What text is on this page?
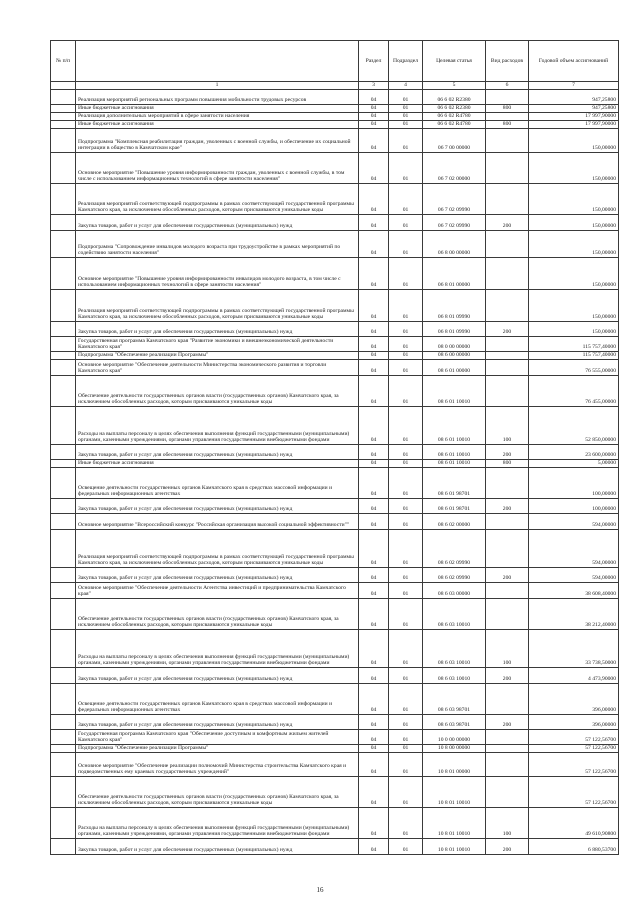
№ п/п		Раздел	Подраздел	Целевая статья	Вид расходов	Годовой объем ассигнований
	1	3	4	5	6	7
	Реализация мероприятий региональных программ повышения мобильности трудовых ресурсов	04	01	06 6 02 R2380		947,25800
	Иные бюджетные ассигнования	04	01	06 6 02 R2380	800	947,25800
	Реализация дополнительных мероприятий в сфере занятости населения	04	01	06 6 02 R4780		17 997,90000
	Иные бюджетные ассигнования	04	01	06 6 02 R4780	800	17 997,90000
	Подпрограмма "Комплексная реабилитация граждан, уволенных с военной службы, и обеспечение их социальной интеграции в общество в Камчатском крае"	04	01	06 7 00 00000		150,00000
	Основное мероприятие "Повышение уровня информированности граждан, уволенных с военной службы, в том числе с использованием информационных технологий в сфере занятости населения"	04	01	06 7 02 00000		150,00000
	Реализация мероприятий соответствующей подпрограммы в рамках соответствующей государственной программы Камчатского края, за исключением обособленных расходов, которым присваиваются уникальные коды	04	01	06 7 02 09990		150,00000
	Закупка товаров, работ и услуг для обеспечения государственных (муниципальных) нужд	04	01	06 7 02 09990	200	150,00000
	Подпрограмма "Сопровождение инвалидов молодого возраста при трудоустройстве в рамках мероприятий по содействию занятости населения"	04	01	06 8 00 00000		150,00000
	Основное мероприятие "Повышение уровня информированности инвалидов молодого возраста, в том числе с использованием информационных технологий в сфере занятости населения"	04	01	06 8 01 00000		150,00000
	Реализация мероприятий соответствующей подпрограммы в рамках соответствующей государственной программы Камчатского края, за исключением обособленных расходов, которым присваиваются уникальные коды	04	01	06 8 01 09990		150,00000
	Закупка товаров, работ и услуг для обеспечения государственных (муниципальных) нужд	04	01	06 8 01 09990	200	150,00000
	Государственная программа Камчатского края "Развитие экономики и внешнеэкономической деятельности Камчатского края"	04	01	08 0 00 00000		115 757,40000
	Подпрограмма "Обеспечение реализации Программы"	04	01	08 6 00 00000		115 757,40000
	Основное мероприятие "Обеспечение деятельности Министерства экономического развития и торговли Камчатского края"	04	01	08 6 01 00000		76 555,00000
	Обеспечение деятельности государственных органов власти (государственных органов) Камчатского края, за исключением обособленных расходов, которым присваиваются уникальные коды	04	01	08 6 01 10010		76 455,00000
	Расходы на выплаты персоналу в целях обеспечения выполнения функций государственными (муниципальными) органами, казенными учреждениями, органами управления государственными внебюджетными фондами	04	01	08 6 01 10010	100	52 850,00000
	Закупка товаров, работ и услуг для обеспечения государственных (муниципальных) нужд	04	01	08 6 01 10010	200	23 600,00000
	Иные бюджетные ассигнования	04	01	08 6 01 10010	800	5,00000
	Освещение деятельности государственных органов Камчатского края в средствах массовой информации и федеральных информационных агентствах	04	01	08 6 01 98701		100,00000
	Закупка товаров, работ и услуг для обеспечения государственных (муниципальных) нужд	04	01	08 6 01 98701	200	100,00000
	Основное мероприятие "Всероссийский конкурс "Российская организация высокой социальной эффективности""	04	01	08 6 02 00000		594,00000
	Реализация мероприятий соответствующей подпрограммы в рамках соответствующей государственной программы Камчатского края, за исключением обособленных расходов, которым присваиваются уникальные коды	04	01	08 6 02 09990		594,00000
	Закупка товаров, работ и услуг для обеспечения государственных (муниципальных) нужд	04	01	08 6 02 09990	200	594,00000
	Основное мероприятие "Обеспечение деятельности Агентства инвестиций и предпринимательства Камчатского края"	04	01	08 6 03 00000		38 608,40000
	Обеспечение деятельности государственных органов власти (государственных органов) Камчатского края, за исключением обособленных расходов, которым присваиваются уникальные коды	04	01	08 6 03 10010		38 212,40000
	Расходы на выплаты персоналу в целях обеспечения выполнения функций государственными (муниципальными) органами, казенными учреждениями, органами управления государственными внебюджетными фондами	04	01	08 6 03 10010	100	33 738,50000
	Закупка товаров, работ и услуг для обеспечения государственных (муниципальных) нужд	04	01	08 6 03 10010	200	4 473,90000
	Освещение деятельности государственных органов Камчатского края в средствах массовой информации и федеральных информационных агентствах	04	01	08 6 03 98701		396,00000
	Закупка товаров, работ и услуг для обеспечения государственных (муниципальных) нужд	04	01	08 6 03 98701	200	396,00000
	Государственная программа Камчатского края "Обеспечение доступным и комфортным жильем жителей Камчатского края"	04	01	10 0 00 00000		57 122,56700
	Подпрограмма "Обеспечение реализации Программы"	04	01	10 8 00 00000		57 122,56700
	Основное мероприятие "Обеспечение реализации полномочий Министерства строительства Камчатского края и подведомственных ему краевых государственных учреждений"	04	01	10 8 01 00000		57 122,56700
	Обеспечение деятельности государственных органов власти (государственных органов) Камчатского края, за исключением обособленных расходов, которым присваиваются уникальные коды	04	01	10 8 01 10010		57 122,56700
	Расходы на выплаты персоналу в целях обеспечения выполнения функций государственными (муниципальными) органами, казенными учреждениями, органами управления государственными внебюджетными фондами	04	01	10 8 01 10010	100	49 610,90800
	Закупка товаров, работ и услуг для обеспечения государственных (муниципальных) нужд	04	01	10 8 01 10010	200	6 880,53700
16
